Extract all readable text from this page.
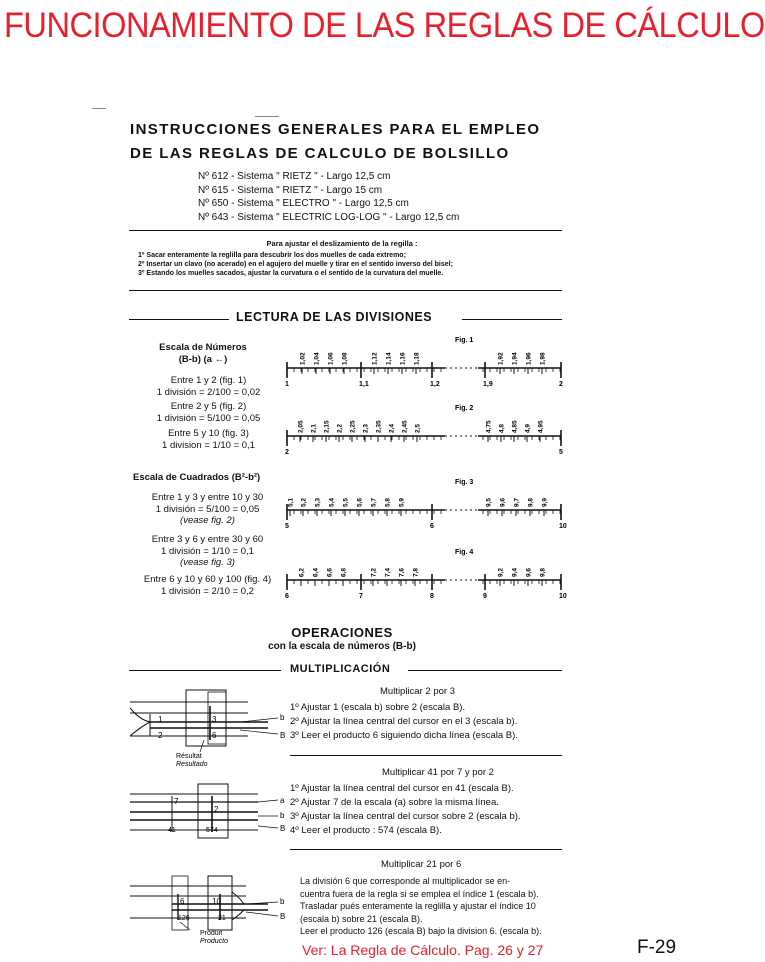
FUNCIONAMIENTO DE LAS REGLAS DE CÁLCULO
INSTRUCCIONES GENERALES PARA EL EMPLEO
DE LAS REGLAS DE CALCULO DE BOLSILLO
Nº 612 - Sistema " RIETZ " - Largo 12,5 cm
Nº 615 - Sistema " RIETZ " - Largo 15 cm
Nº 650 - Sistema " ELECTRO " - Largo 12,5 cm
Nº 643 - Sistema " ELECTRIC LOG-LOG " - Largo 12,5 cm
Para ajustar el deslizamiento de la regilla :
1º Sacar enteramente la reglilla para descubrir los dos muelles de cada extremo;
2º Insertar un clavo (no acerado) en el agujero del muelle y tirar en el sentido inverso del bisel;
3º Estando los muelles sacados, ajustar la curvatura o el sentido de la curvatura del muelle.
LECTURA DE LAS DIVISIONES
Escala de Números
(B-b) (a ←)
Entre 1 y 2 (fig. 1)
1 división = 2/100 = 0,02
Entre 2 y 5 (fig. 2)
1 división = 5/100 = 0,05
Entre 5 y 10 (fig. 3)
1 division = 1/10 = 0,1
Escala de Cuadrados (B²-b²)
Entre 1 y 3 y entre 10 y 30
1 división = 5/100 = 0,05
(vease fig. 2)
Entre 3 y 6 y entre 30 y 60
1 división = 1/10 = 0,1
(vease fig. 3)
Entre 6 y 10 y 60 y 100 (fig. 4)
1 división = 2/10 = 0,2
1,02 1,04 1,06 1,08	1,12 1,14 1,16 1,18	1,92 1,94 1,96 1,98
1	1,1	1,2	1,9	2
Fig. 1
2,05 2,1 2,15 2,2 2,25 2,3 2,35 2,4 2,45 2,5	4,75 4,8 4,85 4,9 4,95
2	5
Fig. 2
5,1 5,2 5,3 5,4 5,5 5,6 5,7 5,8 5,9	9,5 9,6 9,7 9,8 9,9
5	6	10
Fig. 3
6,2 6,4 6,6 6,8	7,2 7,4 7,6 7,8	9,2 9,4 9,6 9,8
6	7	8	9	10
Fig. 4
OPERACIONES
con la escala de números (B-b)
MULTIPLICACIÓN
Multiplicar 2 por 3
1º Ajustar 1 (escala b) sobre 2 (escala B).
2º Ajustar la línea central del cursor en el 3 (escala b).
3º Leer el producto 6 siguiendo dicha línea (escala B).
Multiplicar 41 por 7 y por 2
1º Ajustar la línea central del cursor en 41 (escala B).
2º Ajustar 7 de la escala (a) sobre la misma línea.
3º Ajustar la línea central del cursor sobre 2 (escala b).
4º Leer el producto : 574 (escala B).
Multiplicar 21 por 6
La división 6 que corresponde al multiplicador se en-
cuentra fuera de la regla si se emplea el índice 1 (escala b).
Trasladar pués enteramente la reglilla y ajustar el índice 10
(escala b) sobre 21 (escala B).
Leer el producto 126 (escala B) bajo la division 6. (escala b).
1	3
2	6
b
B
Résultat
Resultado
7
2
41	574
a
b
B
6	10
126	21
b
B
Produit
Producto
Ver: La Regla de Cálculo. Pag. 26 y 27	F-29
